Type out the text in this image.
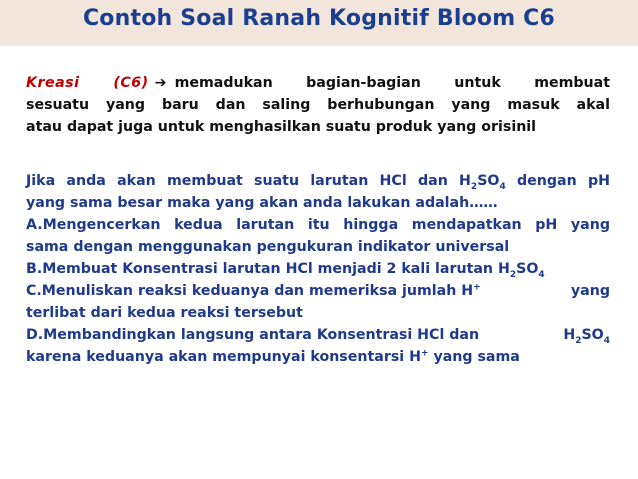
Contoh Soal Ranah Kognitif Bloom C6
Kreasi (C6) ➔ memadukan bagian-bagian untuk membuat
sesuatu yang baru dan saling berhubungan yang masuk akal
atau dapat juga untuk menghasilkan suatu produk yang orisinil
Jika anda akan membuat suatu larutan HCl dan $H_2SO_4$ dengan pH
yang sama besar maka yang akan anda lakukan adalah……
A.Mengencerkan kedua larutan itu hingga mendapatkan pH yang
sama dengan menggunakan pengukuran indikator universal
B.Membuat Konsentrasi larutan HCl menjadi 2 kali larutan $H_2SO_4$
C.Menuliskan reaksi keduanya dan memeriksa jumlah H+	yang
terlibat dari kedua reaksi tersebut
D.Membandingkan langsung antara Konsentrasi HCl dan	$H_2SO_4$
karena keduanya akan mempunyai konsentarsi H+ yang sama
